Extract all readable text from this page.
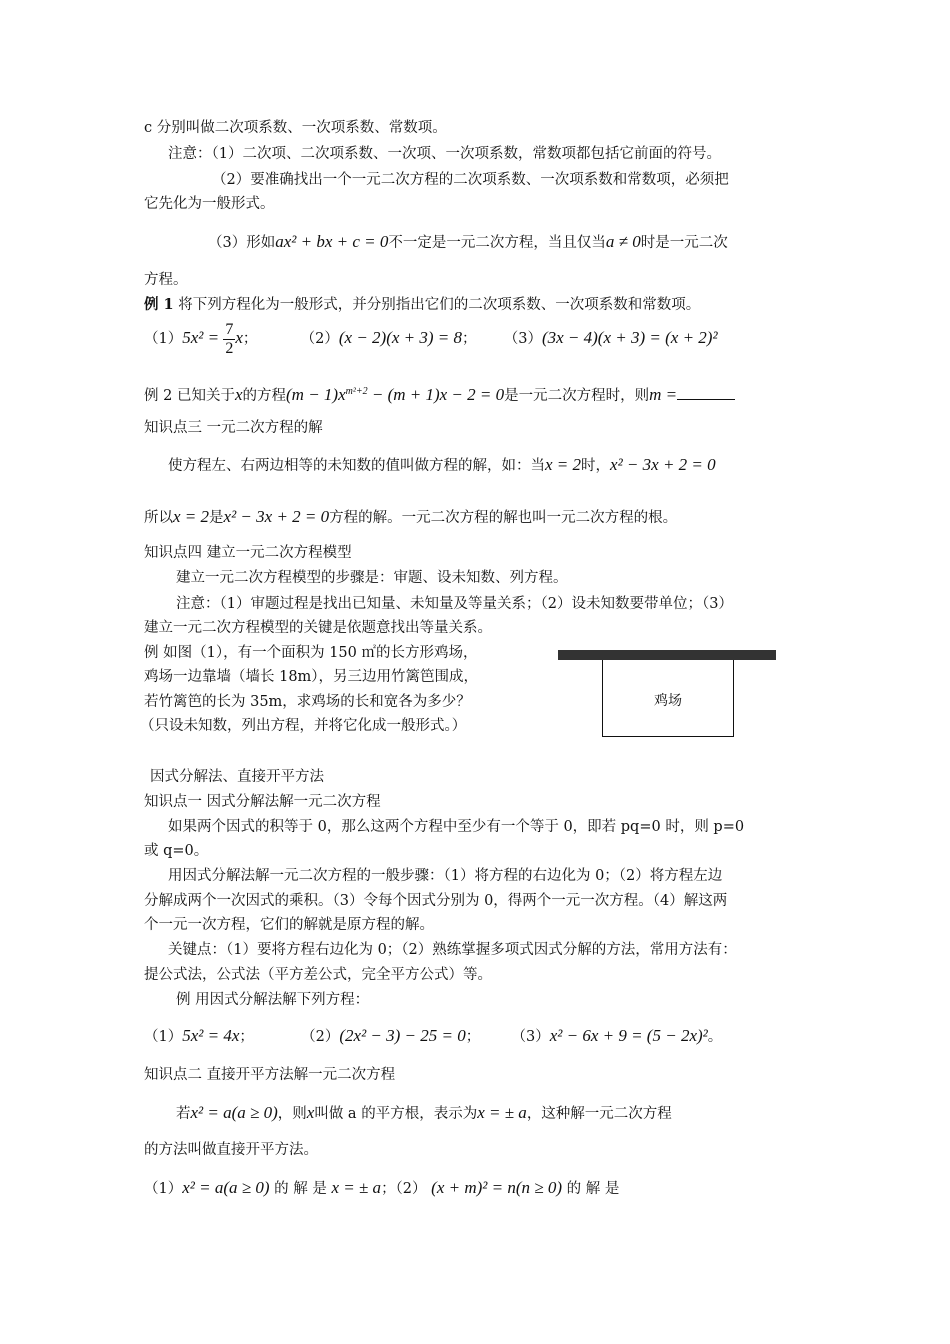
c 分别叫做二次项系数、一次项系数、常数项。
注意：（1）二次项、二次项系数、一次项、一次项系数，常数项都包括它前面的符号。
（2）要准确找出一个一元二次方程的二次项系数、一次项系数和常数项，必须把
它先化为一般形式。
（3）形如ax² + bx + c = 0不一定是一元二次方程，当且仅当a ≠ 0时是一元二次
方程。
例 1 将下列方程化为一般形式，并分别指出它们的二次项系数、一次项系数和常数项。
$(1)5x^2 = \frac{7}{2}$ x；	（2）(x − 2)(x + 3) = 8； （3）(3x − 4)(x + 3) = (x + 2)²
例 2 已知关于x的方程$(m - 1)x^{m^2+2} - (m + 1)x - 2 = 0$是一元二次方程时，则m =
知识点三 一元二次方程的解
使方程左、右两边相等的未知数的值叫做方程的解，如：当x = 2时，x² − 3x + 2 = 0
所以x = 2是x² − 3x + 2 = 0方程的解。一元二次方程的解也叫一元二次方程的根。
知识点四 建立一元二次方程模型
建立一元二次方程模型的步骤是：审题、设未知数、列方程。
注意：（1）审题过程是找出已知量、未知量及等量关系；（2）设未知数要带单位；（3）
建立一元二次方程模型的关键是依题意找出等量关系。
例 如图（1），有一个面积为 150 ㎡的长方形鸡场，
鸡场一边靠墙（墙长 18m），另三边用竹篱笆围成，
若竹篱笆的长为 35m，求鸡场的长和宽各为多少？
（只设未知数，列出方程，并将它化成一般形式。）
鸡场
因式分解法、直接开平方法
知识点一 因式分解法解一元二次方程
如果两个因式的积等于 0，那么这两个方程中至少有一个等于 0，即若 pq=0 时，则 p=0
或 q=0。
用因式分解法解一元二次方程的一般步骤：（1）将方程的右边化为 0；（2）将方程左边
分解成两个一次因式的乘积。（3）令每个因式分别为 0，得两个一元一次方程。（4）解这两
个一元一次方程，它们的解就是原方程的解。
关键点：（1）要将方程右边化为 0；（2）熟练掌握多项式因式分解的方法，常用方法有：
提公式法，公式法（平方差公式，完全平方公式）等。
例 用因式分解法解下列方程：
（1）5x² = 4x；	（2）(2x² − 3) − 25 = 0； （3）x² − 6x + 9 = (5 − 2x)²。
知识点二 直接开平方法解一元二次方程
若x² = a(a ≥ 0)，则x叫做 a 的平方根，表示为x = ± a，这种解一元二次方程
的方法叫做直接开平方法。
（1）x² = a(a ≥ 0) 的 解 是 x = ± a；（2） (x + m)² = n(n ≥ 0) 的 解 是
